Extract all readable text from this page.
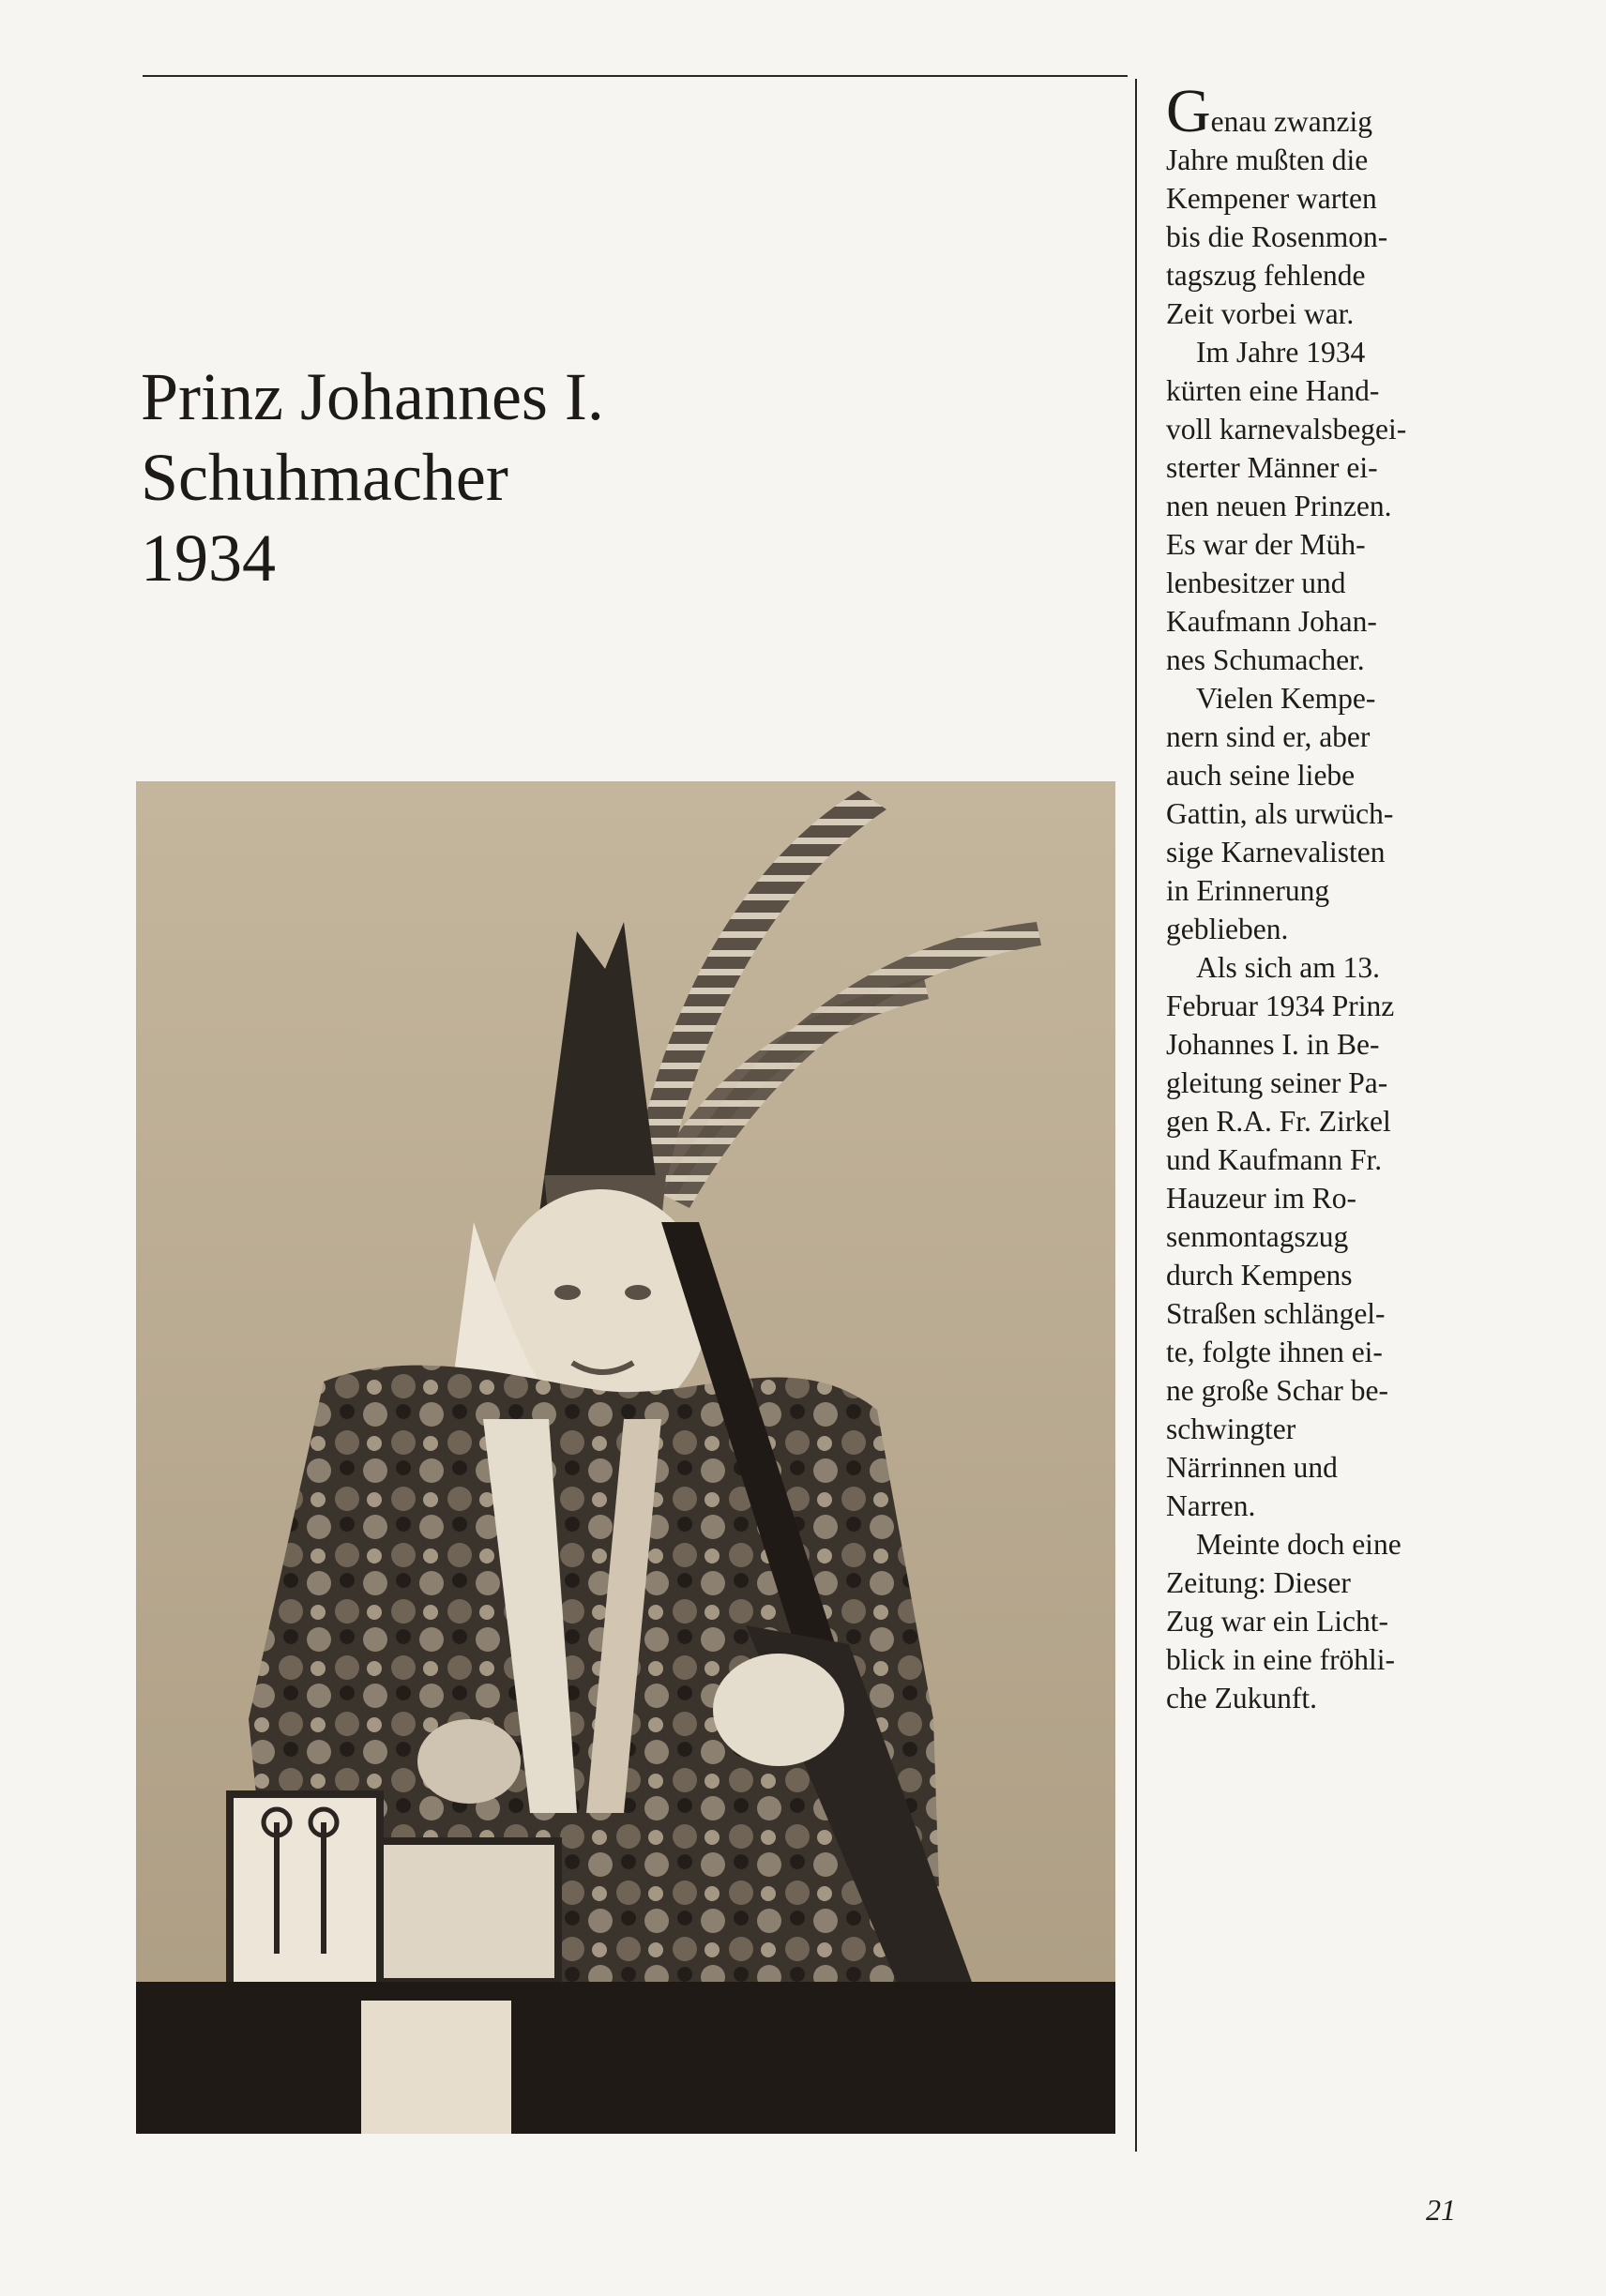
Prinz Johannes I.
Schuhmacher
1934

Genau zwanzig
Jahre mußten die
Kempener warten
bis die Rosenmon-
tagszug fehlende
Zeit vorbei war.

Im Jahre 1934
kürten eine Hand-
voll karnevalsbegei-
sterter Männer ei-
nen neuen Prinzen.
Es war der Müh-
lenbesitzer und
Kaufmann Johan-
nes Schumacher.

Vielen Kempe-
nern sind er, aber
auch seine liebe
Gattin, als urwüch-
sige Karnevalisten
in Erinnerung
geblieben.

Als sich am 13.
Februar 1934 Prinz
Johannes I. in Be-
gleitung seiner Pa-
gen R.A. Fr. Zirkel
und Kaufmann Fr.
Hauzeur im Ro-
senmontagszug
durch Kempens
Straßen schlängel-
te, folgte ihnen ei-
ne große Schar be-
schwingter
Närrinnen und
Narren.

Meinte doch eine
Zeitung: Dieser
Zug war ein Licht-
blick in eine fröhli-
che Zukunft.

21
